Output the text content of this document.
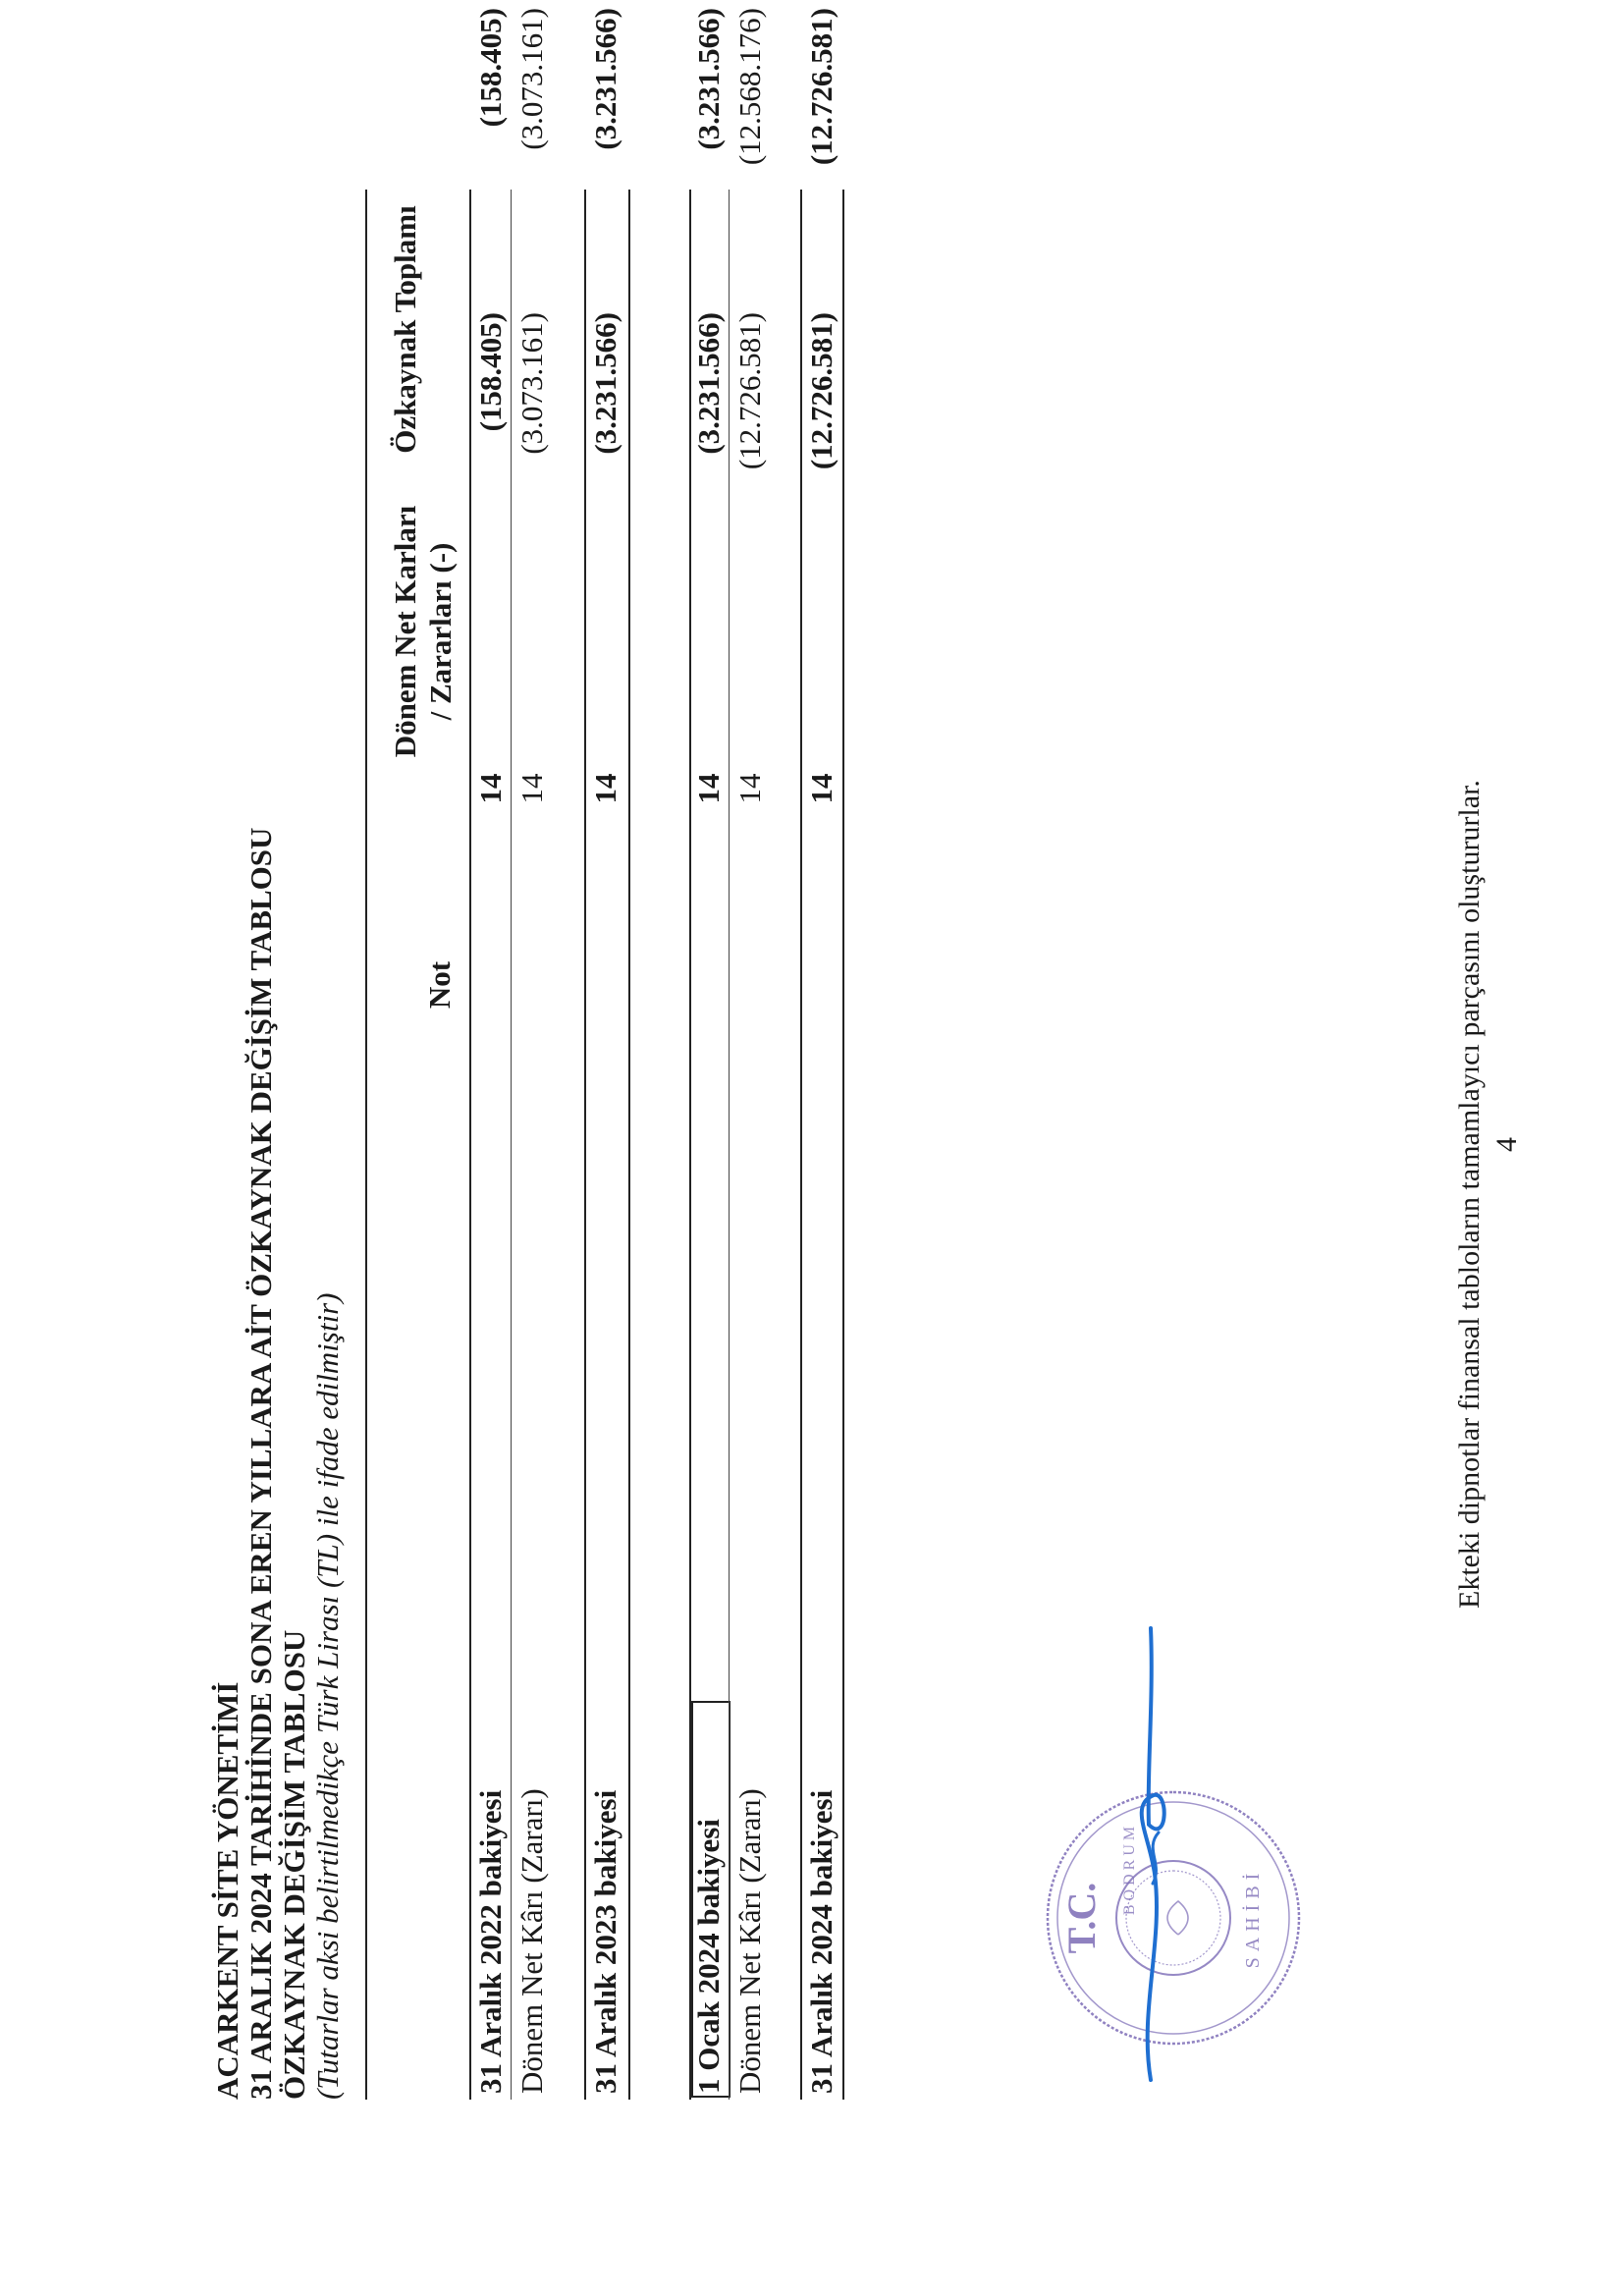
ACARKENT SİTE YÖNETİMİ 31 ARALIK 2024 TARİHİNDE SONA EREN YILLARA AİT ÖZKAYNAK DEĞİŞİM TABLOSU ÖZKAYNAK DEĞİŞİM TABLOSU (Tutarlar aksi belirtilmedikçe Türk Lirası (TL) ile ifade edilmiştir)
Not
Dönem Net Karları / Zararları (-)
Özkaynak Toplamı
31 Aralık 2022 bakiyesi
14
(158.405)
(158.405)
Dönem Net Kârı (Zararı)
14
(3.073.161)
(3.073.161)
31 Aralık 2023 bakiyesi
14
(3.231.566)
(3.231.566)
1 Ocak 2024 bakiyesi
14
(3.231.566)
(3.231.566)
Dönem Net Kârı (Zararı)
14
(12.726.581)
(12.568.176)
31 Aralık 2024 bakiyesi
14
(12.726.581)
(12.726.581)
T.C.	SAHİBİ
BODRUM
Ekteki dipnotlar finansal tabloların tamamlayıcı parçasını oluştururlar. 4
